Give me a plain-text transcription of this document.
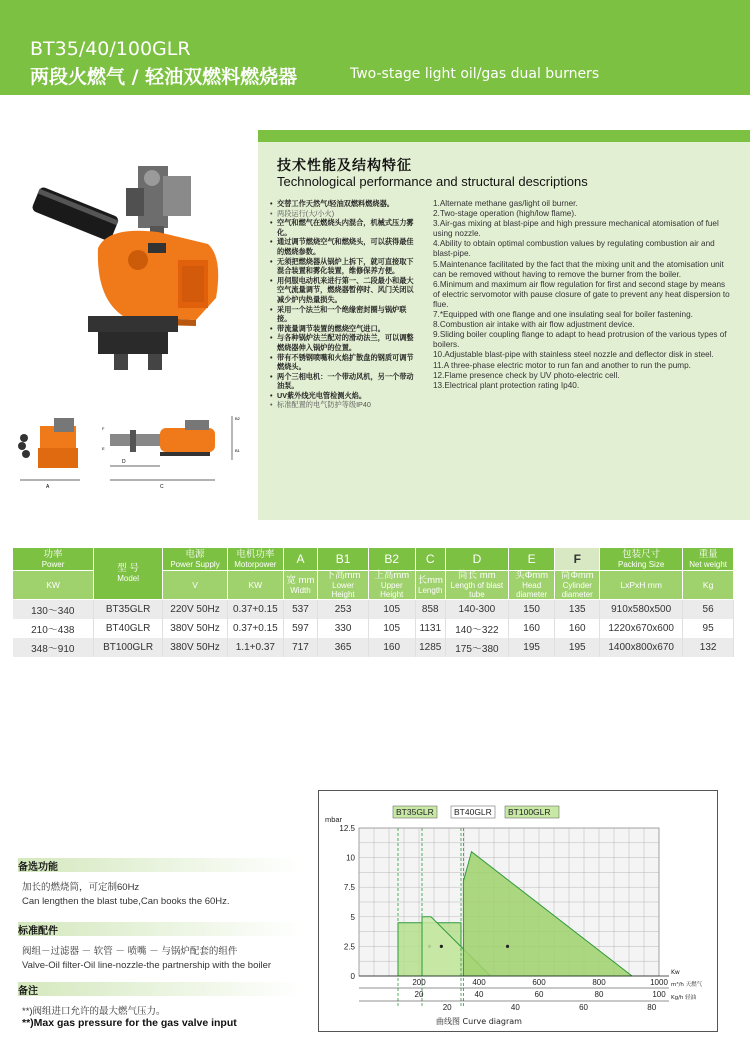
BT35/40/100GLR
两段火燃气 / 轻油双燃料燃烧器	Two-stage light oil/gas dual burners
A	C
D
F
E
B2
B1
技术性能及结构特征
Technological performance and structural descriptions
• 交替工作天然气/轻油双燃料燃烧器。
• 两段运行(大/小火)
• 空气和燃气在燃烧头内混合，机械式压力雾化。
• 通过调节燃烧空气和燃烧头，可以获得最佳的燃烧参数。
• 无须把燃烧器从锅炉上拆下，就可直接取下混合装置和雾化装置，维修保养方便。
• 用伺服电动机来进行第一、二段最小和最大空气流量调节，燃烧器暂停时、风门关闭以减少炉内热量损失。
• 采用一个法兰和一个绝缘密封圈与锅炉联接。
• 带流量调节装置的燃烧空气进口。
• 与各种锅炉法兰配对的滑动法兰，可以调整燃烧器伸入锅炉的位置。
• 带有不锈钢喷嘴和火焰扩散盘的钢质可调节燃烧头。
• 两个三相电机：一个带动风机，另一个带动油泵。
• UV紫外线光电管检测火焰。
• 标准配置的电气防护等级IP40
1.Alternate methane gas/light oil burner.
2.Two-stage operation (high/low flame).
3.Air-gas mixing at blast-pipe and high pressure mechanical atomisation of fuel using nozzle.
4.Ability to obtain optimal combustion values by regulating combustion air and blast-pipe.
5.Maintenance facilitated by the fact that the mixing unit and the atomisation unit can be removed without having to remove the burner from the boiler.
6.Minimum and maximum air flow regulation for first and second stage by means of electric servomotor with pause closure of gate to prevent any heat dispersion to flue.
7.*Equipped with one flange and one insulating seal for boiler fastening.
8.Combustion air intake with air flow adjustment device.
9.Sliding boiler coupling flange to adapt to head protrusion of the various types of boilers.
10.Adjustable blast-pipe with stainless steel nozzle and deflector disk in steel.
11.A three-phase electric motor to run fan and another to run the pump.
12.Flame presence check by UV photo-electric cell.
13.Electrical plant protection rating Ip40.
功率
Power	型 号
Model	电源
Power Supply	电机功率
Motorpower	A	B1	B2	C	D	E	F	包装尺寸
Packing Size	重量
Net weight

KW		V	KW	宽 mm
Width	下高mm
Lower Height	上高mm
Upper Height	长mm
Length	筒长 mm
Length of blast tube	头Φmm
Head diameter	筒Φmm
Cylinder diameter	LxPxH mm	Kg
130～340	BT35GLR	220V 50Hz	0.37+0.15	537	253	105	858	140-300	150	135	910x580x500	56
210～438	BT40GLR	380V 50Hz	0.37+0.15	597	330	105	1131	140～322	160	160	1220x670x600	95
348～910	BT100GLR	380V 50Hz	1.1+0.37	717	365	160	1285	175～380	195	195	1400x800x670	132
备选功能
加长的燃烧筒，可定制60Hz
Can lengthen the blast tube,Can books the 60Hz.
标准配件
阀组－过滤器 － 软管 － 喷嘴 － 与锅炉配套的组件
Valve-Oil filter-Oil line-nozzle-the partnership with the boiler
备注
**)阀组进口允许的最大燃气压力。
**)Max gas pressure for the gas valve input
BT35GLR BT40GLR BT100GLR
mbar
0
2.5
5
7.5
10
12.5
200	400	600	800	1000
20	40	60	80	100
20	40	60	80
Kw
m³/h 天燃气
Kg/h 轻油
曲线图 Curve diagram
